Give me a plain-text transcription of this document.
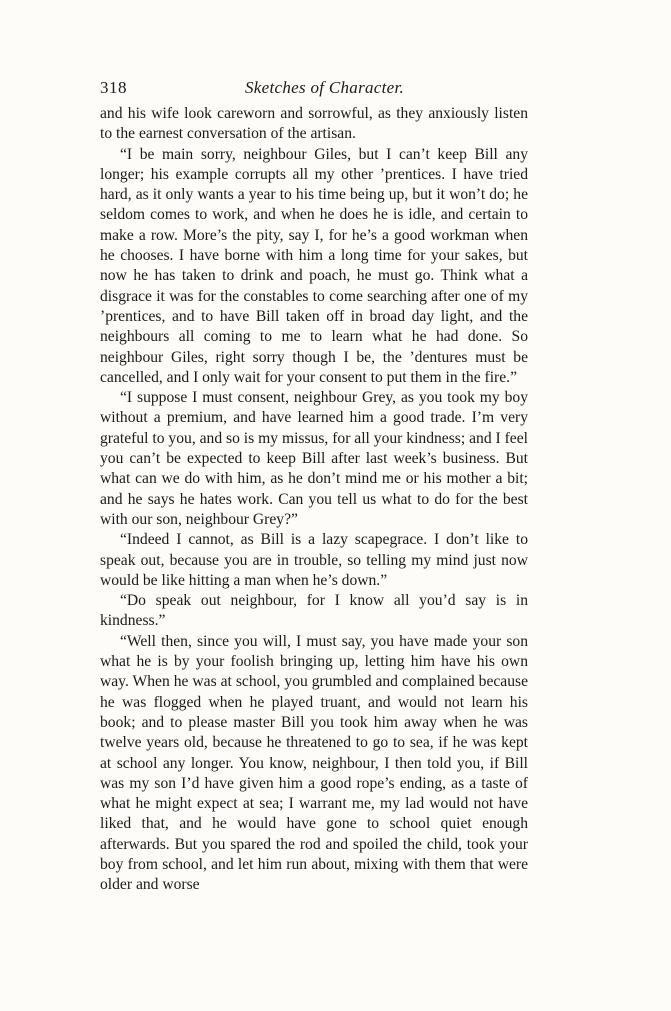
318	Sketches of Character.

and his wife look careworn and sorrowful, as they anxiously listen to the earnest conversation of the artisan.

“I be main sorry, neighbour Giles, but I can’t keep Bill any longer; his example corrupts all my other ’prentices. I have tried hard, as it only wants a year to his time being up, but it won’t do; he seldom comes to work, and when he does he is idle, and certain to make a row. More’s the pity, say I, for he’s a good workman when he chooses. I have borne with him a long time for your sakes, but now he has taken to drink and poach, he must go. Think what a disgrace it was for the constables to come searching after one of my ’prentices, and to have Bill taken off in broad day light, and the neighbours all coming to me to learn what he had done. So neighbour Giles, right sorry though I be, the ’dentures must be cancelled, and I only wait for your consent to put them in the fire.”

“I suppose I must consent, neighbour Grey, as you took my boy without a premium, and have learned him a good trade. I’m very grateful to you, and so is my missus, for all your kindness; and I feel you can’t be expected to keep Bill after last week’s business. But what can we do with him, as he don’t mind me or his mother a bit; and he says he hates work. Can you tell us what to do for the best with our son, neighbour Grey?”

“Indeed I cannot, as Bill is a lazy scapegrace. I don’t like to speak out, because you are in trouble, so telling my mind just now would be like hitting a man when he’s down.”

“Do speak out neighbour, for I know all you’d say is in kindness.”

“Well then, since you will, I must say, you have made your son what he is by your foolish bringing up, letting him have his own way. When he was at school, you grumbled and complained because he was flogged when he played truant, and would not learn his book; and to please master Bill you took him away when he was twelve years old, because he threatened to go to sea, if he was kept at school any longer. You know, neighbour, I then told you, if Bill was my son I’d have given him a good rope’s ending, as a taste of what he might expect at sea; I warrant me, my lad would not have liked that, and he would have gone to school quiet enough afterwards. But you spared the rod and spoiled the child, took your boy from school, and let him run about, mixing with them that were older and worse
